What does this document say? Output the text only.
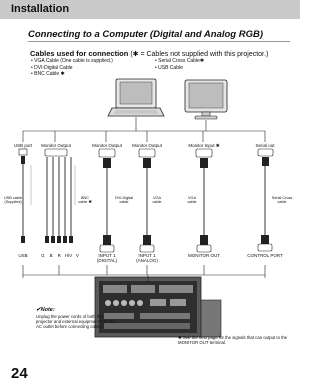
Installation
Connecting to a Computer (Digital and Analog RGB)
Cables used for connection (✱ = Cables not supplied with this projector.)
• VGA Cable (One cable is supplied.)
• DVI-Digital Cable
• BNC Cable ✱
• Serial Cross Cable✱
• USB Cable
USB port	Monitor Output	Monitor Output	Monitor Output	Monitor Input ✱	Serial out
USB cable
(Supplied)
BNC
cable ✱
DVI-Digital
cable
VGA
cable
VGA
cable
Serial Cross
cable
USB	G    B    R   H/V   V	INPUT 1
(DIGITAL)
INPUT 1
(ANALOG)
MONITOR OUT	CONTROL PORT
✔Note:
Unplug the power cords of both the projector and external equipment from the AC outlet before connecting cables.
✱ See the next page for the signals that can output to the MONITOR OUT terminal.
24
